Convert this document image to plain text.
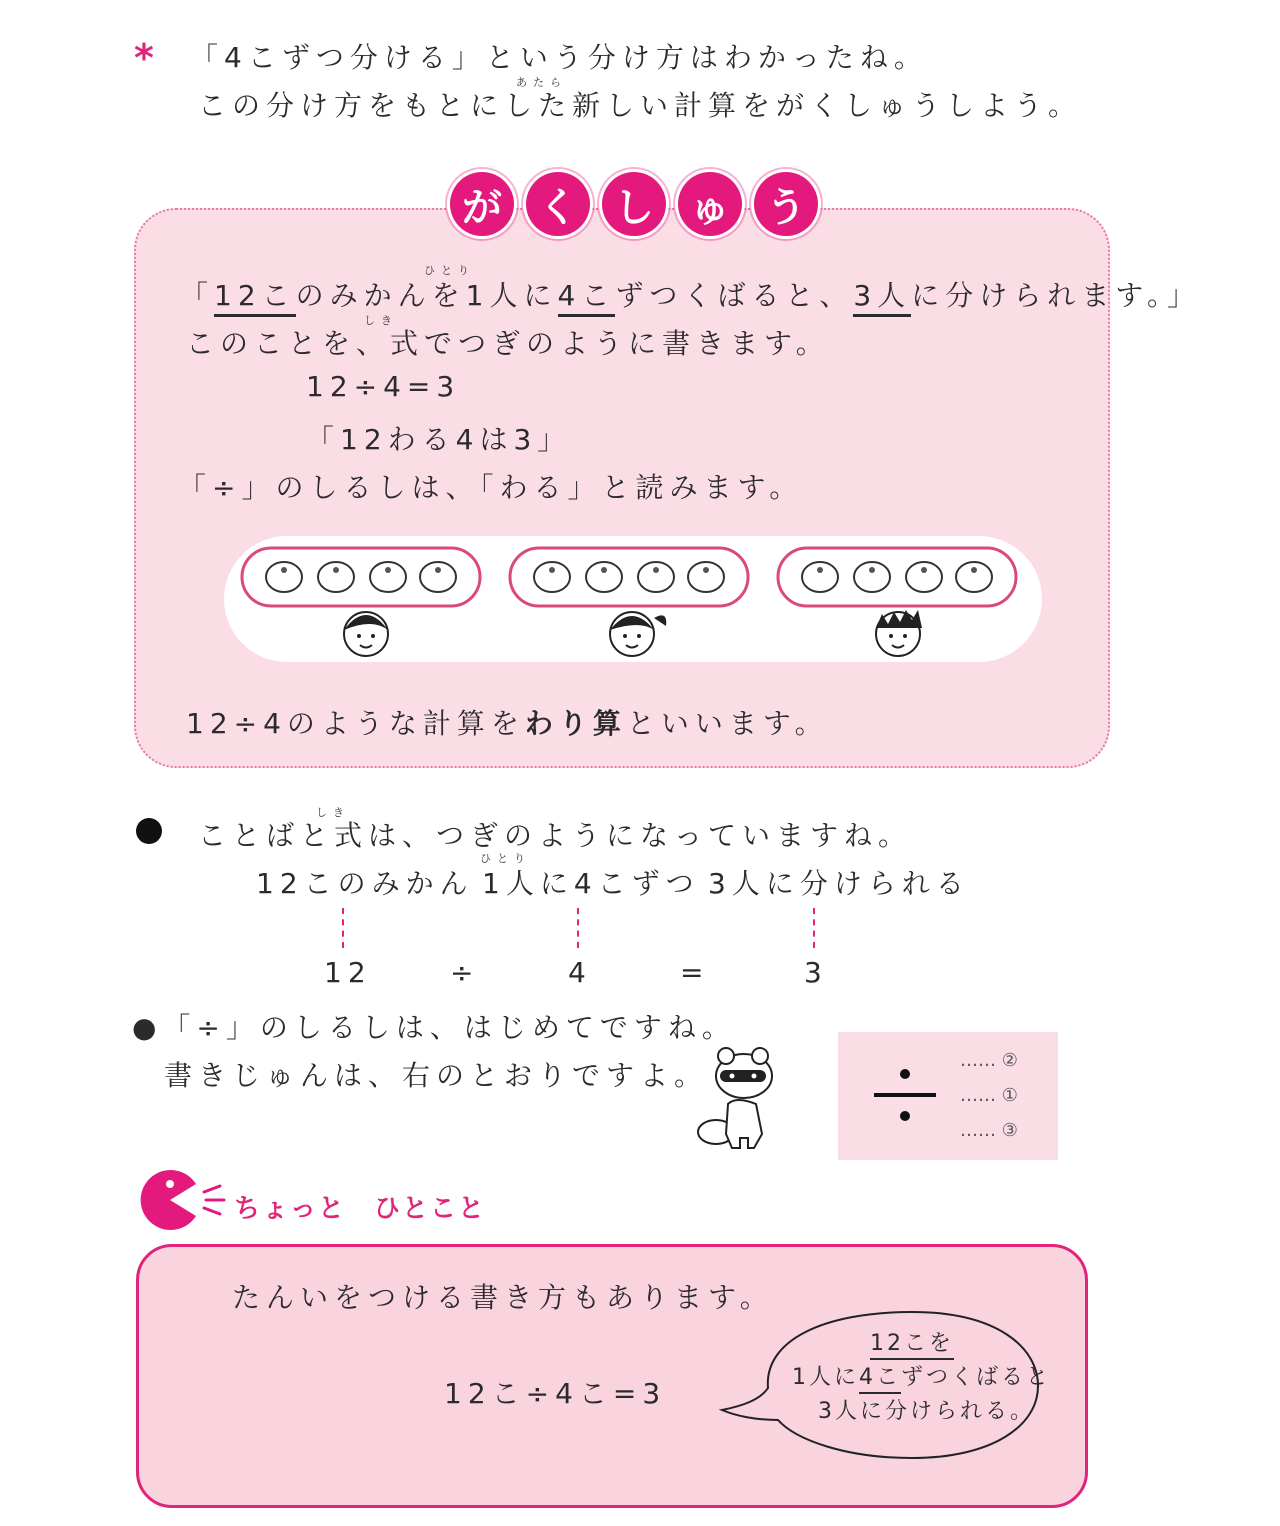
* 「4こずつ分ける」という分け方はわかったね。
あたら
この分け方をもとにした新しい計算をがくしゅうしよう。
が く し ゅ う
ひとり
「12このみかんを1人に4こずつくばると、3人に分けられます。」
しき
このことを、式でつぎのように書きます。
12÷4=3
「12わる4は3」
「÷」のしるしは、「わる」と読みます。
12÷4のような計算をわり算といいます。
しき
ことばと式は、つぎのようになっていますね。
12このみかん
ひとり
1人に4こずつ 3人に分けられる
12	÷	4	=	3
●「÷」のしるしは、はじめてですね。
書きじゅんは、右のとおりですよ。	…… ②
…… ①
…… ③
ちょっと　ひとこと
たんいをつける書き方もあります。
12こ÷4こ=3
12こを
1人に4こずつくばると
3人に分けられる。
